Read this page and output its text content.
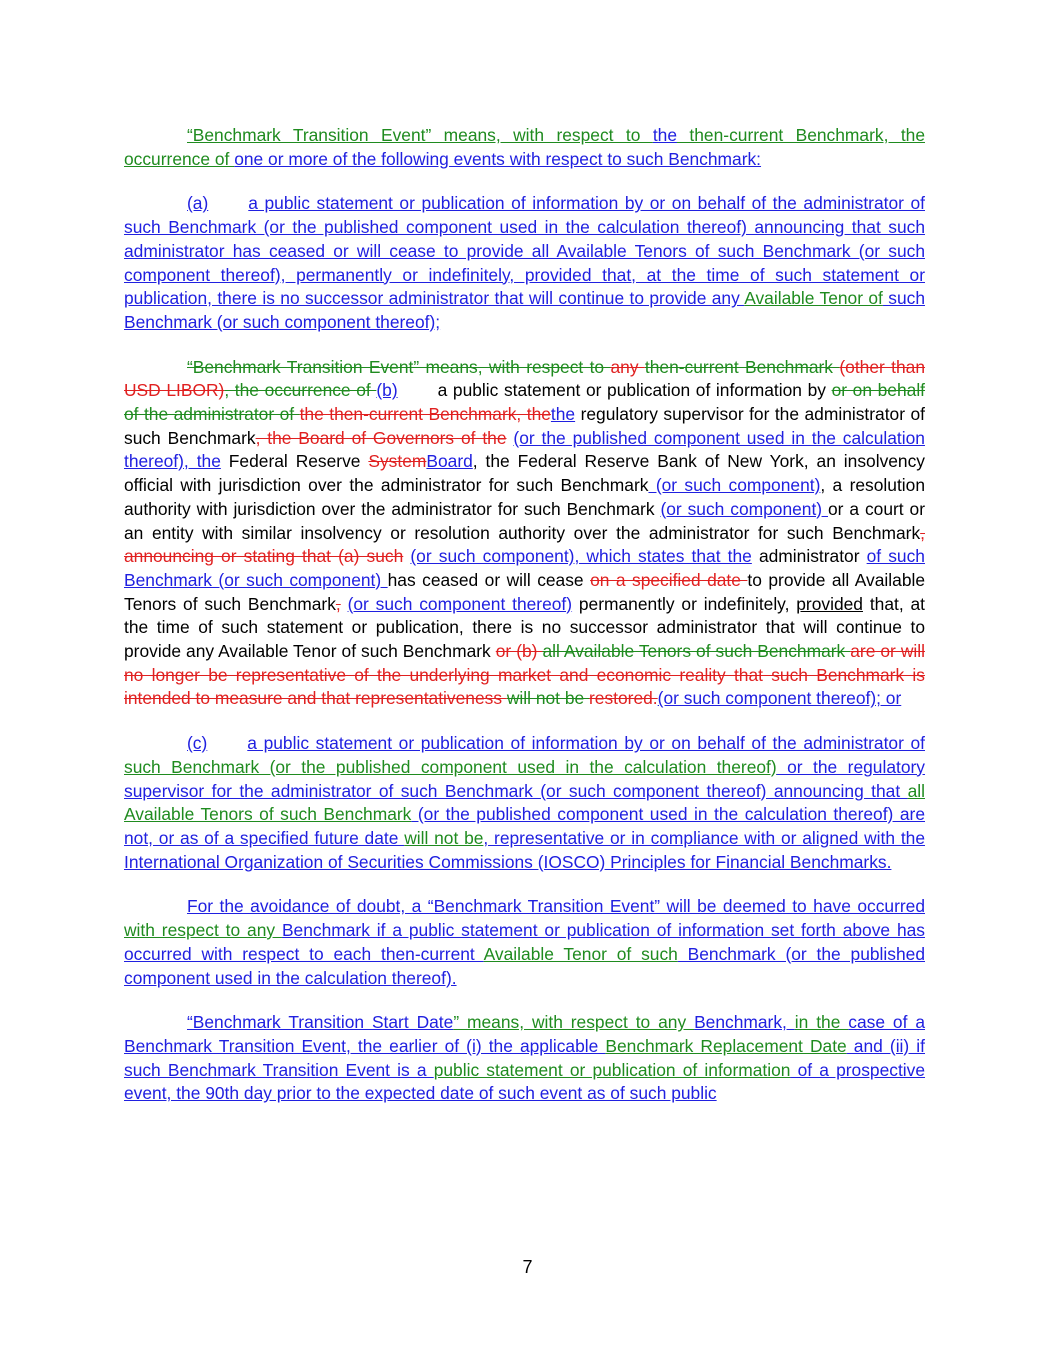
“Benchmark Transition Event” means, with respect to the then-current Benchmark, the occurrence of one or more of the following events with respect to such Benchmark:

(a) a public statement or publication of information by or on behalf of the administrator of such Benchmark (or the published component used in the calculation thereof) announcing that such administrator has ceased or will cease to provide all Available Tenors of such Benchmark (or such component thereof), permanently or indefinitely, provided that, at the time of such statement or publication, there is no successor administrator that will continue to provide any Available Tenor of such Benchmark (or such component thereof);

“Benchmark Transition Event” means, with respect to any then-current Benchmark (other than USD LIBOR), the occurrence of (b) a public statement or publication of information by or on behalf of the administrator of the then-current Benchmark, thethe regulatory supervisor for the administrator of such Benchmark, the Board of Governors of the (or the published component used in the calculation thereof), the Federal Reserve SystemBoard, the Federal Reserve Bank of New York, an insolvency official with jurisdiction over the administrator for such Benchmark (or such component), a resolution authority with jurisdiction over the administrator for such Benchmark (or such component) or a court or an entity with similar insolvency or resolution authority over the administrator for such Benchmark, announcing or stating that (a) such (or such component), which states that the administrator of such Benchmark (or such component) has ceased or will cease on a specified date to provide all Available Tenors of such Benchmark, (or such component thereof) permanently or indefinitely, provided that, at the time of such statement or publication, there is no successor administrator that will continue to provide any Available Tenor of such Benchmark or (b) all Available Tenors of such Benchmark are or will no longer be representative of the underlying market and economic reality that such Benchmark is intended to measure and that representativeness will not be restored.(or such component thereof); or

(c) a public statement or publication of information by or on behalf of the administrator of such Benchmark (or the published component used in the calculation thereof) or the regulatory supervisor for the administrator of such Benchmark (or such component thereof) announcing that all Available Tenors of such Benchmark (or the published component used in the calculation thereof) are not, or as of a specified future date will not be, representative or in compliance with or aligned with the International Organization of Securities Commissions (IOSCO) Principles for Financial Benchmarks.

For the avoidance of doubt, a “Benchmark Transition Event” will be deemed to have occurred with respect to any Benchmark if a public statement or publication of information set forth above has occurred with respect to each then-current Available Tenor of such Benchmark (or the published component used in the calculation thereof).

“Benchmark Transition Start Date” means, with respect to any Benchmark, in the case of a Benchmark Transition Event, the earlier of (i) the applicable Benchmark Replacement Date and (ii) if such Benchmark Transition Event is a public statement or publication of information of a prospective event, the 90th day prior to the expected date of such event as of such public

7
